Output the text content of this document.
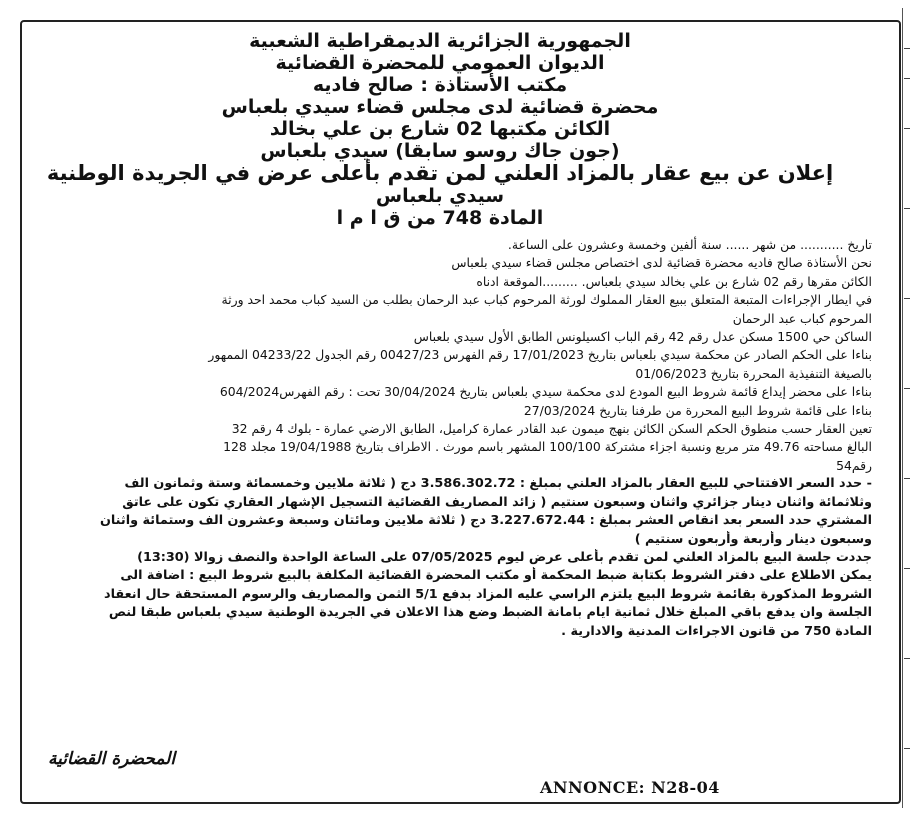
الجمهورية الجزائرية الديمقراطية الشعبية
الديوان العمومي للمحضرة القضائية
مكتب الأستاذة : صالح فاديه
محضرة قضائية لدى مجلس قضاء سيدي بلعباس
الكائن مكتبها 02 شارع بن علي بخالد
(جون جاك روسو سابقا) سيدي بلعباس
إعلان عن بيع عقار بالمزاد العلني لمن تقدم بأعلى عرض في الجريدة الوطنية
سيدي بلعباس
المادة 748 من ق ا م ا

تاريخ ........... من شهر ...... سنة ألفين وخمسة وعشرون على الساعة.

نحن الأستاذة صالح فاديه محضرة قضائية لدى اختصاص مجلس قضاء سيدي بلعباس

الكائن مقرها رقم 02 شارع بن علي بخالد سيدي بلعباس. .........الموقعة ادناه

في ايطار الإجراءات المتبعة المتعلق ببيع العقار المملوك لورثة المرحوم كباب عبد الرحمان بطلب من السيد كباب محمد احد ورثة

المرحوم كباب عبد الرحمان

الساكن حي 1500 مسكن عدل رقم 42 رقم الباب اكسيلونس الطابق الأول سيدي بلعباس

بناءا على الحكم الصادر عن محكمة سيدي بلعباس بتاريخ 17/01/2023 رقم الفهرس 00427/23 رقم الجدول 04233/22 الممهور

بالصيغة التنفيذية المحررة بتاريخ 01/06/2023

بناءا على محضر إيداع قائمة شروط البيع المودع لدى محكمة سيدي بلعباس بتاريخ 30/04/2024 تحت : رقم الفهرس604/2024

بناءا على قائمة شروط البيع المحررة من طرفنا بتاريخ 27/03/2024

تعين العقار حسب منطوق الحكم السكن الكائن بنهج ميمون عبد القادر عمارة كراميل، الطابق الارضي عمارة - بلوك 4 رقم 32

البالغ مساحته 49.76 متر مربع ونسبة اجزاء مشتركة 100/100 المشهر باسم مورث . الاطراف بتاريخ 19/04/1988 مجلد 128

رقم54

- حدد السعر الافتتاحي للبيع العقار بالمزاد العلني بمبلغ : 3.586.302.72 دج ( ثلاثة ملايين وخمسمائة وستة وثمانون الف

وثلاثمائة واثنان دينار جزائري واثنان وسبعون سنتيم ( زائد المصاريف القضائية التسجيل الإشهار العقاري تكون على عاتق

المشتري حدد السعر بعد انقاص العشر بمبلغ : 3.227.672.44 دج ( ثلاثة ملايين ومائتان وسبعة وعشرون الف وستمائة واثنان

وسبعون دينار وأربعة وأربعون سنتيم )

جددت جلسة البيع بالمزاد العلني لمن تقدم بأعلى عرض ليوم 07/05/2025 على الساعة الواحدة والنصف زوالا (13:30)

يمكن الاطلاع على دفتر الشروط بكتابة ضبط المحكمة أو مكتب المحضرة القضائية المكلفة بالبيع شروط البيع : اضافة الى

الشروط المذكورة بقائمة شروط البيع يلتزم الراسي عليه المزاد بدفع 5/1 الثمن والمصاريف والرسوم المستحقة حال انعقاد

الجلسة وان يدفع باقي المبلغ خلال ثمانية ايام بامانة الضبط وضع هذا الاعلان في الجريدة الوطنية سيدي بلعباس طبقا لنص

المادة 750 من قانون الاجراءات المدنية والادارية .

المحضرة القضائية
ANNONCE: N28-04
